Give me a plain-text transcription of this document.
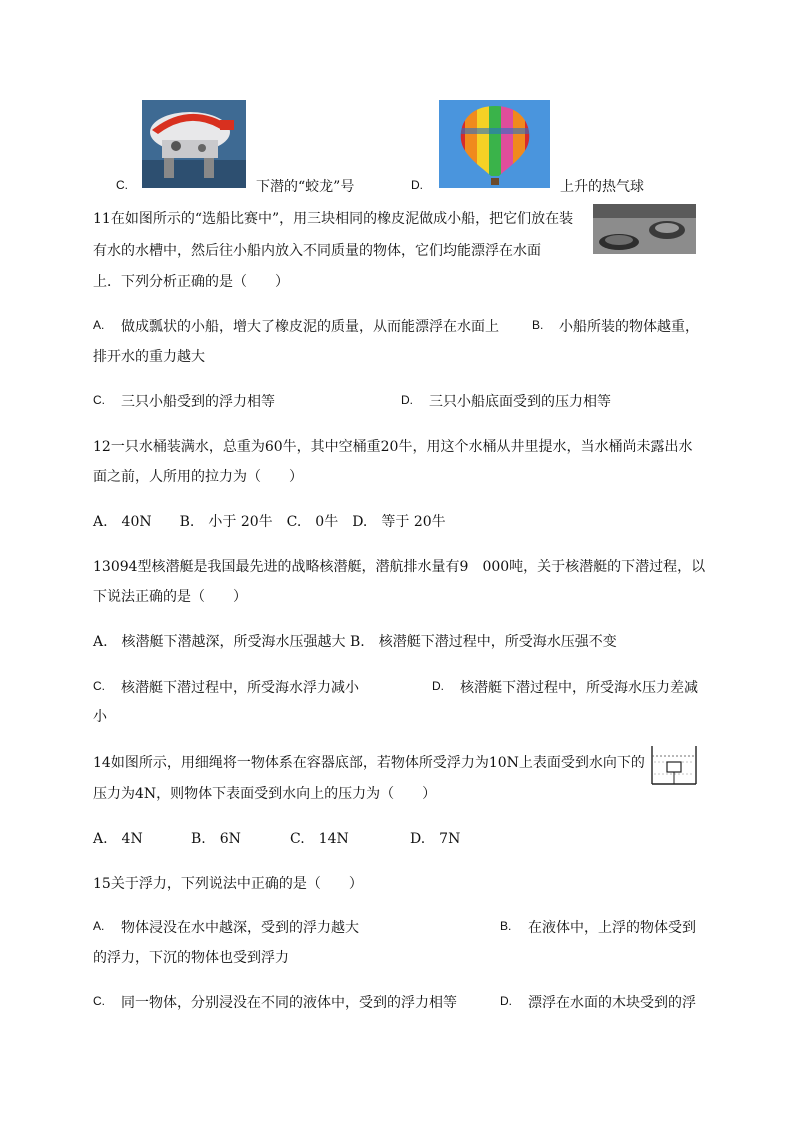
C.	下潜的“蛟龙”号	D.	上升的热气球
11在如图所示的“选船比赛中”，用三块相同的橡皮泥做成小船，把它们放在装
有水的水槽中，然后往小船内放入不同质量的物体，它们均能漂浮在水面
上．下列分析正确的是（　　）
A. 做成瓢状的小船，增大了橡皮泥的质量，从而能漂浮在水面上	B. 小船所装的物体越重，
排开水的重力越大
C. 三只小船受到的浮力相等	D. 三只小船底面受到的压力相等
12一只水桶装满水，总重为60牛，其中空桶重20牛，用这个水桶从井里提水，当水桶尚未露出水
面之前，人所用的拉力为（　　）
A.　40N　　B.　小于 20牛　C.　0牛　D.　等于 20牛
13094型核潜艇是我国最先进的战略核潜艇，潜航排水量有9　000吨，关于核潜艇的下潜过程，以
下说法正确的是（　　）
A.　核潜艇下潜越深，所受海水压强越大 B.　核潜艇下潜过程中，所受海水压强不变
C. 核潜艇下潜过程中，所受海水浮力减小	D. 核潜艇下潜过程中，所受海水压力差减
小
14如图所示，用细绳将一物体系在容器底部，若物体所受浮力为10N上表面受到水向下的
压力为4N，则物体下表面受到水向上的压力为（　　）
A.　4N	B.　6N	C.　14N	D.　7N
15关于浮力，下列说法中正确的是（　　）
A. 物体浸没在水中越深，受到的浮力越大	B. 在液体中，上浮的物体受到
的浮力，下沉的物体也受到浮力
C. 同一物体，分别浸没在不同的液体中，受到的浮力相等	D. 漂浮在水面的木块受到的浮
